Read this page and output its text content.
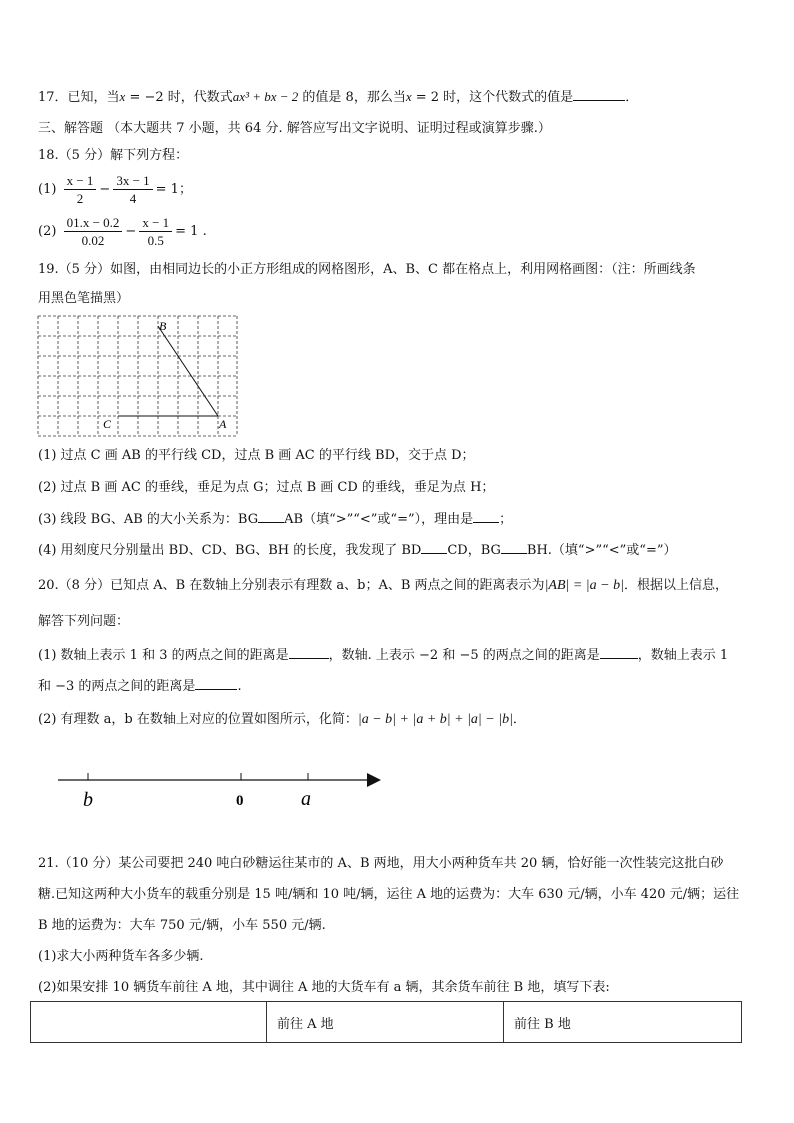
17．已知，当x = −2 时，代数式ax³ + bx − 2 的值是 8，那么当x = 2 时，这个代数式的值是	．
三、解答题 （本大题共 7 小题，共 64 分. 解答应写出文字说明、证明过程或演算步骤.）
18.（5 分）解下列方程：
$(1) \frac{x - 1}{2} - \frac{3x - 1}{4} = 1$；
$(2) \frac{01.x - 0.2}{0.02} - \frac{x - 1}{0.5} = 1$ .
19.（5 分）如图，由相同边长的小正方形组成的网格图形，A、B、C 都在格点上，利用网格画图：（注：所画线条
用黑色笔描黑）
B
C	A
(1) 过点 C 画 AB 的平行线 CD，过点 B 画 AC 的平行线 BD，交于点 D；
(2) 过点 B 画 AC 的垂线，垂足为点 G；过点 B 画 CD 的垂线，垂足为点 H；
(3) 线段 BG、AB 的大小关系为：BG AB（填“>”“<”或“=”），理由是 ；
(4) 用刻度尺分别量出 BD、CD、BG、BH 的长度，我发现了 BD CD，BG BH.（填“>”“<”或“=”）
20.（8 分）已知点 A、B 在数轴上分别表示有理数 a、b；A、B 两点之间的距离表示为|AB| = |a − b|．根据以上信息，
解答下列问题：
(1) 数轴上表示 1 和 3 的两点之间的距离是	，数轴. 上表示 −2 和 −5 的两点之间的距离是	，数轴上表示 1
和 −3 的两点之间的距离是	.
(2) 有理数 a，b 在数轴上对应的位置如图所示，化简：|a − b| + |a + b| + |a| − |b|．
b	0	a
21.（10 分）某公司要把 240 吨白砂糖运往某市的 A、B 两地，用大小两种货车共 20 辆，恰好能一次性装完这批白砂
糖.已知这两种大小货车的载重分别是 15 吨/辆和 10 吨/辆，运往 A 地的运费为：大车 630 元/辆，小车 420 元/辆；运往
B 地的运费为：大车 750 元/辆，小车 550 元/辆.
(1)求大小两种货车各多少辆.
(2)如果安排 10 辆货车前往 A 地，其中调往 A 地的大货车有 a 辆，其余货车前往 B 地，填写下表:
	前往 A 地	前往 B 地
